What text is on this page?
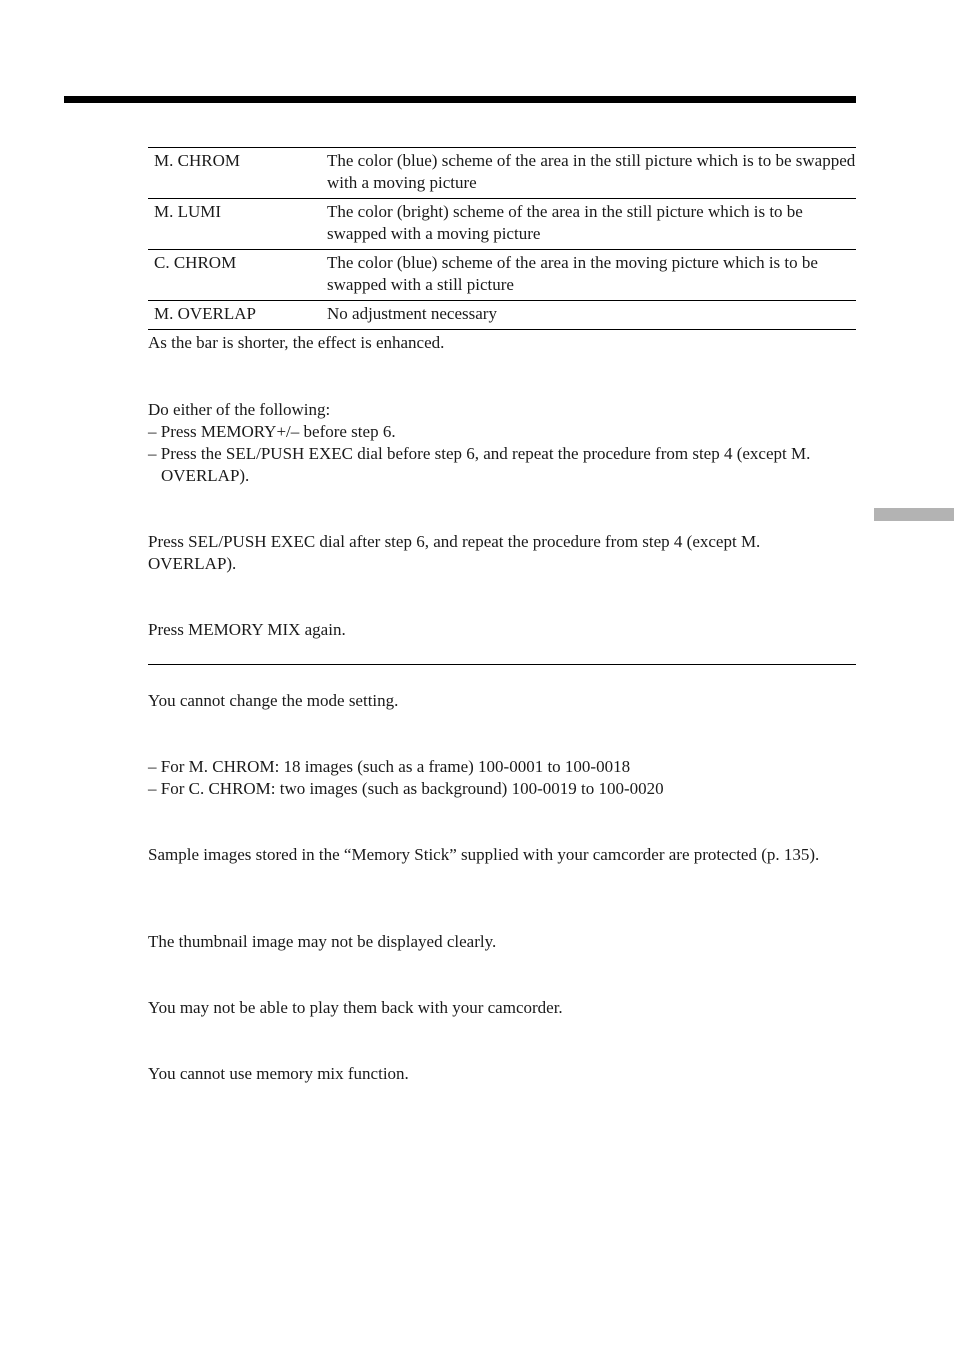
M. CHROM	The color (blue) scheme of the area in the still picture which is to be swapped with a moving picture
M. LUMI	The color (bright) scheme of the area in the still picture which is to be swapped with a moving picture
C. CHROM	The color (blue) scheme of the area in the moving picture which is to be swapped with a still picture
M. OVERLAP	No adjustment necessary

As the bar is shorter, the effect is enhanced.

Do either of the following:

– Press MEMORY+/– before step 6.

– Press the SEL/PUSH EXEC dial before step 6, and repeat the procedure from step 4 (except M. OVERLAP).

Press SEL/PUSH EXEC dial after step 6, and repeat the procedure from step 4 (except M. OVERLAP).

Press MEMORY MIX again.

You cannot change the mode setting.

– For M. CHROM: 18 images (such as a frame) 100-0001 to 100-0018

– For C. CHROM: two images (such as background) 100-0019 to 100-0020

Sample images stored in the “Memory Stick” supplied with your camcorder are protected (p. 135).

The thumbnail image may not be displayed clearly.

You may not be able to play them back with your camcorder.

You cannot use memory mix function.
